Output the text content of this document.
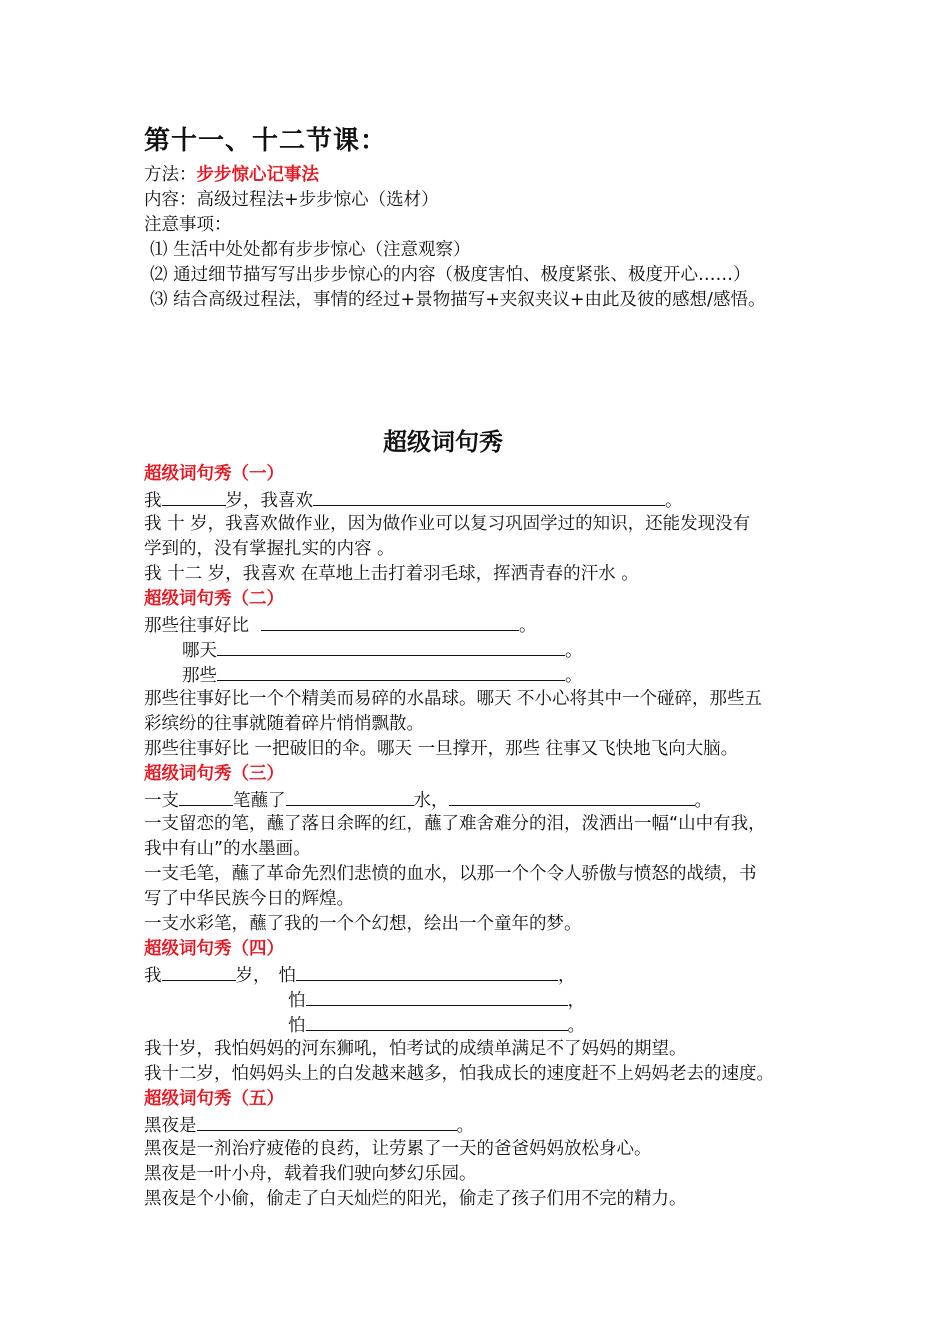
第十一、十二节课：
方法：步步惊心记事法
内容：高级过程法+步步惊心（选材）
注意事项：
⑴ 生活中处处都有步步惊心（注意观察）
⑵ 通过细节描写写出步步惊心的内容（极度害怕、极度紧张、极度开心……）
⑶ 结合高级过程法，事情的经过+景物描写+夹叙夹议+由此及彼的感想/感悟。
超级词句秀
超级词句秀（一）
我	岁，我喜欢	。
我 十 岁，我喜欢做作业，因为做作业可以复习巩固学过的知识，还能发现没有
学到的，没有掌握扎实的内容 。
我 十二 岁，我喜欢 在草地上击打着羽毛球，挥洒青春的汗水 。
超级词句秀（二）
那些往事好比	。
哪天	。
那些	。
那些往事好比一个个精美而易碎的水晶球。哪天 不小心将其中一个碰碎，那些五
彩缤纷的往事就随着碎片悄悄飘散。
那些往事好比 一把破旧的伞。哪天 一旦撑开，那些 往事又飞快地飞向大脑。
超级词句秀（三）
一支	笔蘸了	水，	。
一支留恋的笔，蘸了落日余晖的红，蘸了难舍难分的泪，泼洒出一幅“山中有我，
我中有山”的水墨画。
一支毛笔，蘸了革命先烈们悲愤的血水，以那一个个令人骄傲与愤怒的战绩，书
写了中华民族今日的辉煌。
一支水彩笔，蘸了我的一个个幻想，绘出一个童年的梦。
超级词句秀（四）
我	岁， 怕	，
怕	，
怕	。
我十岁，我怕妈妈的河东狮吼，怕考试的成绩单满足不了妈妈的期望。
我十二岁，怕妈妈头上的白发越来越多，怕我成长的速度赶不上妈妈老去的速度。
超级词句秀（五）
黑夜是	。
黑夜是一剂治疗疲倦的良药，让劳累了一天的爸爸妈妈放松身心。
黑夜是一叶小舟，载着我们驶向梦幻乐园。
黑夜是个小偷，偷走了白天灿烂的阳光，偷走了孩子们用不完的精力。
